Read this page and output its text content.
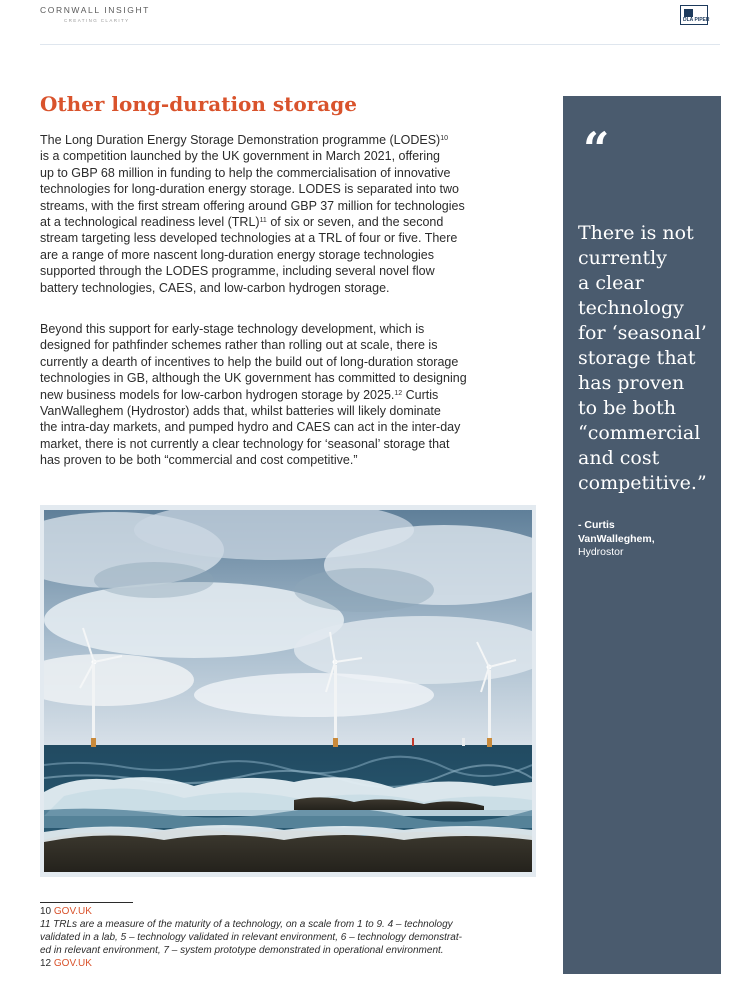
CORNWALL INSIGHT
CREATING CLARITY	DLA PIPER
Other long-duration storage

The Long Duration Energy Storage Demonstration programme (LODES)$^{10}$
is a competition launched by the UK government in March 2021, offering
up to GBP 68 million in funding to help the commercialisation of innovative
technologies for long-duration energy storage. LODES is separated into two
streams, with the first stream offering around GBP 37 million for technologies
at a technological readiness level (TRL)$^{11}$ of six or seven, and the second
stream targeting less developed technologies at a TRL of four or five. There
are a range of more nascent long-duration energy storage technologies
supported through the LODES programme, including several novel flow
battery technologies, CAES, and low-carbon hydrogen storage.

Beyond this support for early-stage technology development, which is
designed for pathfinder schemes rather than rolling out at scale, there is
currently a dearth of incentives to help the build out of long-duration storage
technologies in GB, although the UK government has committed to designing
new business models for low-carbon hydrogen storage by 2025.12 Curtis
VanWalleghem (Hydrostor) adds that, whilst batteries will likely dominate
the intra-day markets, and pumped hydro and CAES can act in the inter-day
market, there is not currently a clear technology for ‘seasonal’ storage that
has proven to be both “commercial and cost competitive.”

10 GOV.UK
11 TRLs are a measure of the maturity of a technology, on a scale from 1 to 9. 4 – technology
validated in a lab, 5 – technology validated in relevant environment, 6 – technology demonstrat-
ed in relevant environment, 7 – system prototype demonstrated in operational environment.
12 GOV.UK
“
There is not
currently
a clear
technology
for ‘seasonal’
storage that
has proven
to be both
“commercial
and cost
competitive.”
- Curtis
VanWalleghem,
Hydrostor
